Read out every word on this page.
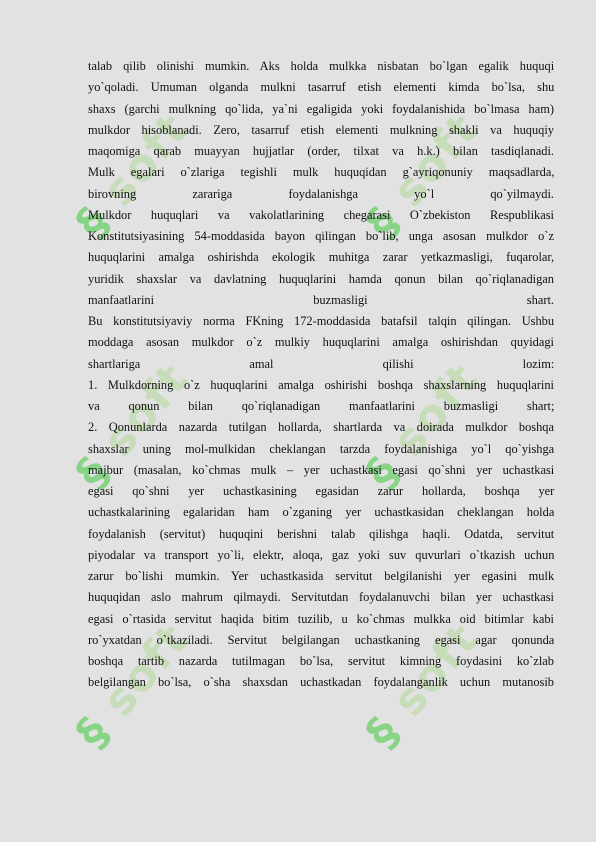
§ soft
§ soft
§ soft
§ soft
§ soft
§ soft
talab qilib olinishi mumkin. Aks holda mulkka nisbatan bo`lgan egalik huquqi
yo`qoladi. Umuman olganda mulkni tasarruf etish elementi kimda bo`lsa, shu
shaxs (garchi mulkning qo`lida, ya`ni egaligida yoki foydalanishida bo`lmasa ham)
mulkdor hisoblanadi. Zero, tasarruf etish elementi mulkning shakli va huquqiy
maqomiga qarab muayyan hujjatlar (order, tilxat va h.k.) bilan tasdiqlanadi.
Mulk egalari o`zlariga tegishli mulk huquqidan g`ayriqonuniy maqsadlarda,
birovning zarariga foydalanishga yo`l qo`yilmaydi.
Mulkdor huquqlari va vakolatlarining chegarasi O`zbekiston Respublikasi
Konstitutsiyasining 54-moddasida bayon qilingan bo`lib, unga asosan mulkdor o`z
huquqlarini amalga oshirishda ekologik muhitga zarar yetkazmasligi, fuqarolar,
yuridik shaxslar va davlatning huquqlarini hamda qonun bilan qo`riqlanadigan
manfaatlarini buzmasligi shart.
Bu konstitutsiyaviy norma FKning 172-moddasida batafsil talqin qilingan. Ushbu
moddaga asosan mulkdor o`z mulkiy huquqlarini amalga oshirishdan quyidagi
shartlariga amal qilishi lozim:
1. Mulkdorning o`z huquqlarini amalga oshirishi boshqa shaxslarning huquqlarini
va qonun bilan qo`riqlanadigan manfaatlarini buzmasligi shart;
2. Qonunlarda nazarda tutilgan hollarda, shartlarda va doirada mulkdor boshqa
shaxslar uning mol-mulkidan cheklangan tarzda foydalanishiga yo`l qo`yishga
majbur (masalan, ko`chmas mulk – yer uchastkasi egasi qo`shni yer uchastkasi
egasi qo`shni yer uchastkasining egasidan zarur hollarda, boshqa yer
uchastkalarining egalaridan ham o`zganing yer uchastkasidan cheklangan holda
foydalanish (servitut) huquqini berishni talab qilishga haqli. Odatda, servitut
piyodalar va transport yo`li, elektr, aloqa, gaz yoki suv quvurlari o`tkazish uchun
zarur bo`lishi mumkin. Yer uchastkasida servitut belgilanishi yer egasini mulk
huquqidan aslo mahrum qilmaydi. Servitutdan foydalanuvchi bilan yer uchastkasi
egasi o`rtasida servitut haqida bitim tuzilib, u ko`chmas mulkka oid bitimlar kabi
ro`yxatdan o`tkaziladi. Servitut belgilangan uchastkaning egasi agar qonunda
boshqa tartib nazarda tutilmagan bo`lsa, servitut kimning foydasini ko`zlab
belgilangan bo`lsa, o`sha shaxsdan uchastkadan foydalanganlik uchun mutanosib
